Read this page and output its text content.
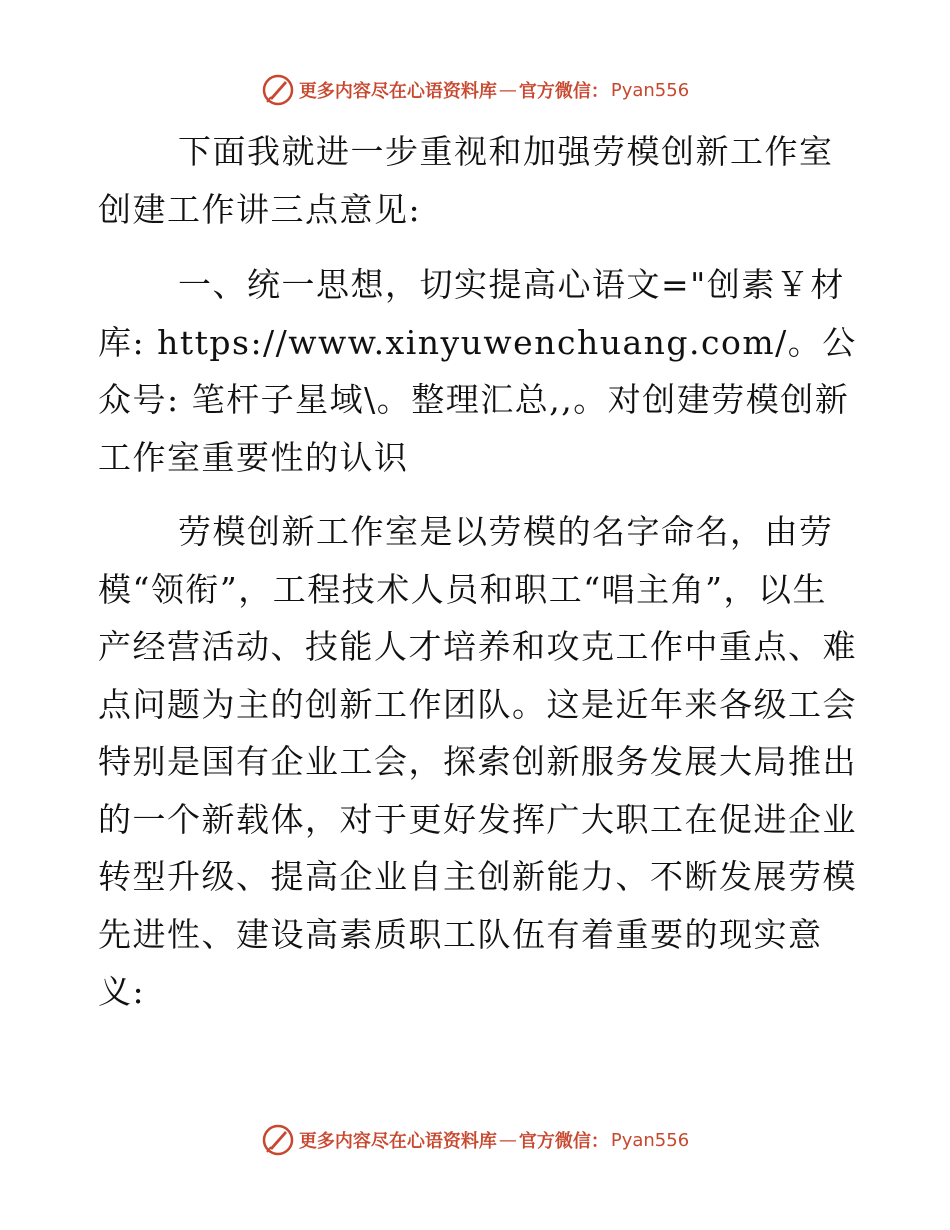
更多内容尽在心语资料库 — 官方微信： Pyan556

下面我就进一步重视和加强劳模创新工作室创建工作讲三点意见:

一、统一思想，切实提高心语文="创素￥材库: https://www.xinyuwenchuang.com/。公众号: 笔杆子星域\。整理汇总,,。对创建劳模创新工作室重要性的认识

劳模创新工作室是以劳模的名字命名，由劳模“领衔”，工程技术人员和职工“唱主角”，以生产经营活动、技能人才培养和攻克工作中重点、难点问题为主的创新工作团队。这是近年来各级工会特别是国有企业工会，探索创新服务发展大局推出的一个新载体，对于更好发挥广大职工在促进企业转型升级、提高企业自主创新能力、不断发展劳模先进性、建设高素质职工队伍有着重要的现实意义:

更多内容尽在心语资料库 — 官方微信： Pyan556
